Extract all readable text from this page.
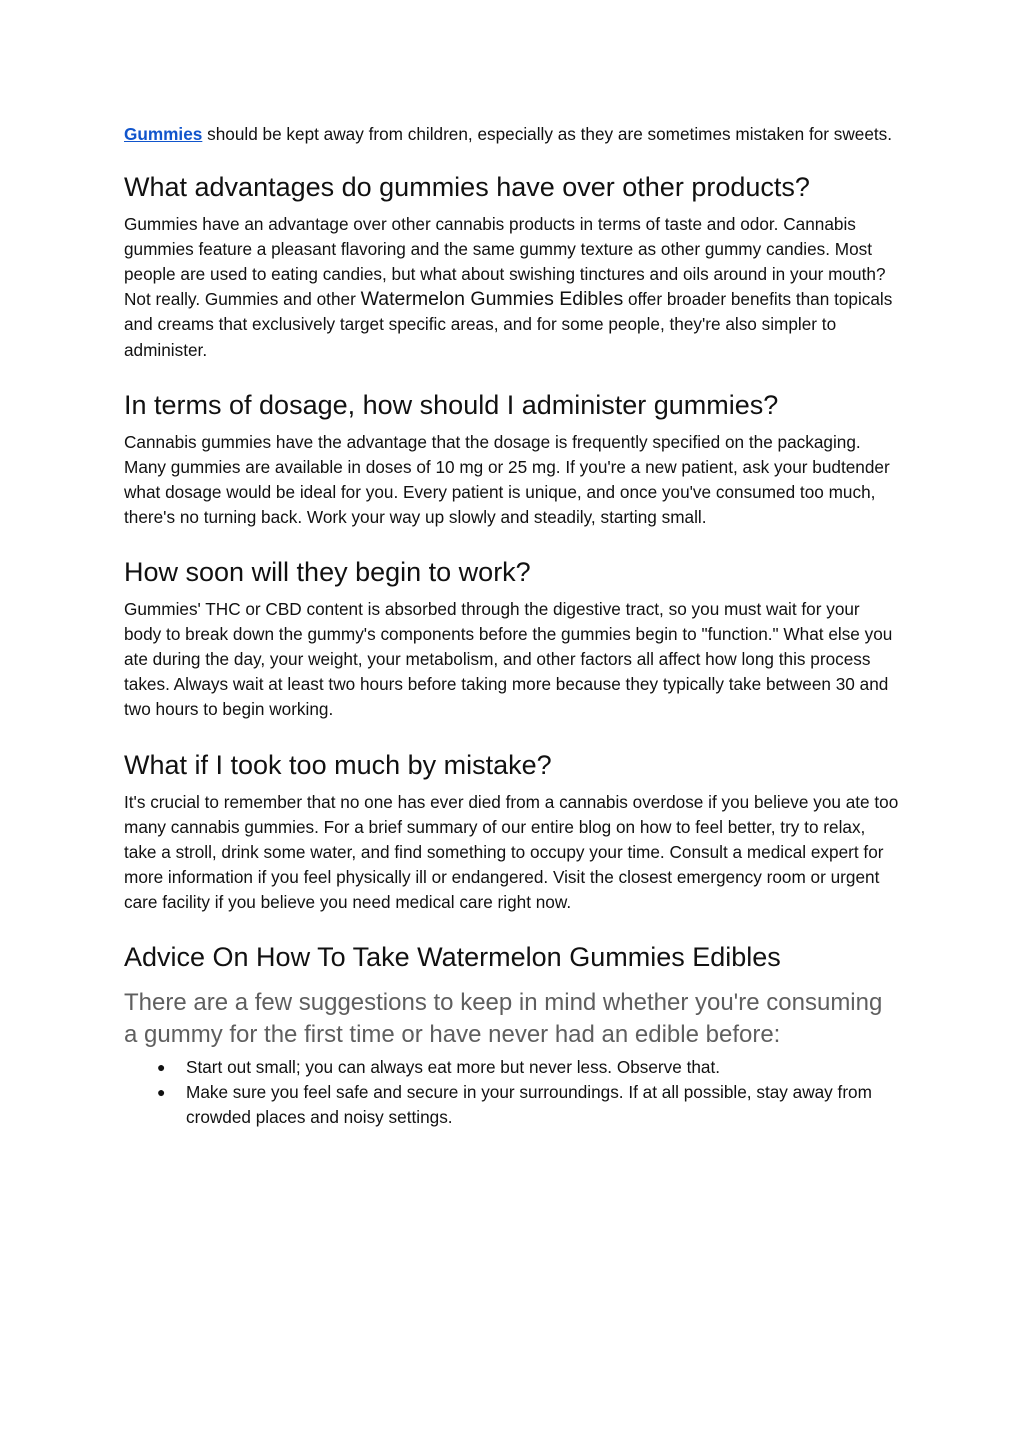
Gummies should be kept away from children, especially as they are sometimes mistaken for sweets.

What advantages do gummies have over other products?

Gummies have an advantage over other cannabis products in terms of taste and odor. Cannabis gummies feature a pleasant flavoring and the same gummy texture as other gummy candies. Most people are used to eating candies, but what about swishing tinctures and oils around in your mouth? Not really. Gummies and other Watermelon Gummies Edibles offer broader benefits than topicals and creams that exclusively target specific areas, and for some people, they're also simpler to administer.

In terms of dosage, how should I administer gummies?

Cannabis gummies have the advantage that the dosage is frequently specified on the packaging. Many gummies are available in doses of 10 mg or 25 mg. If you're a new patient, ask your budtender what dosage would be ideal for you. Every patient is unique, and once you've consumed too much, there's no turning back. Work your way up slowly and steadily, starting small.

How soon will they begin to work?

Gummies' THC or CBD content is absorbed through the digestive tract, so you must wait for your body to break down the gummy's components before the gummies begin to "function." What else you ate during the day, your weight, your metabolism, and other factors all affect how long this process takes. Always wait at least two hours before taking more because they typically take between 30 and two hours to begin working.

What if I took too much by mistake?

It's crucial to remember that no one has ever died from a cannabis overdose if you believe you ate too many cannabis gummies. For a brief summary of our entire blog on how to feel better, try to relax, take a stroll, drink some water, and find something to occupy your time. Consult a medical expert for more information if you feel physically ill or endangered. Visit the closest emergency room or urgent care facility if you believe you need medical care right now.

Advice On How To Take Watermelon Gummies Edibles

There are a few suggestions to keep in mind whether you're consuming a gummy for the first time or have never had an edible before:

● Start out small; you can always eat more but never less. Observe that.
● Make sure you feel safe and secure in your surroundings. If at all possible, stay away from crowded places and noisy settings.
